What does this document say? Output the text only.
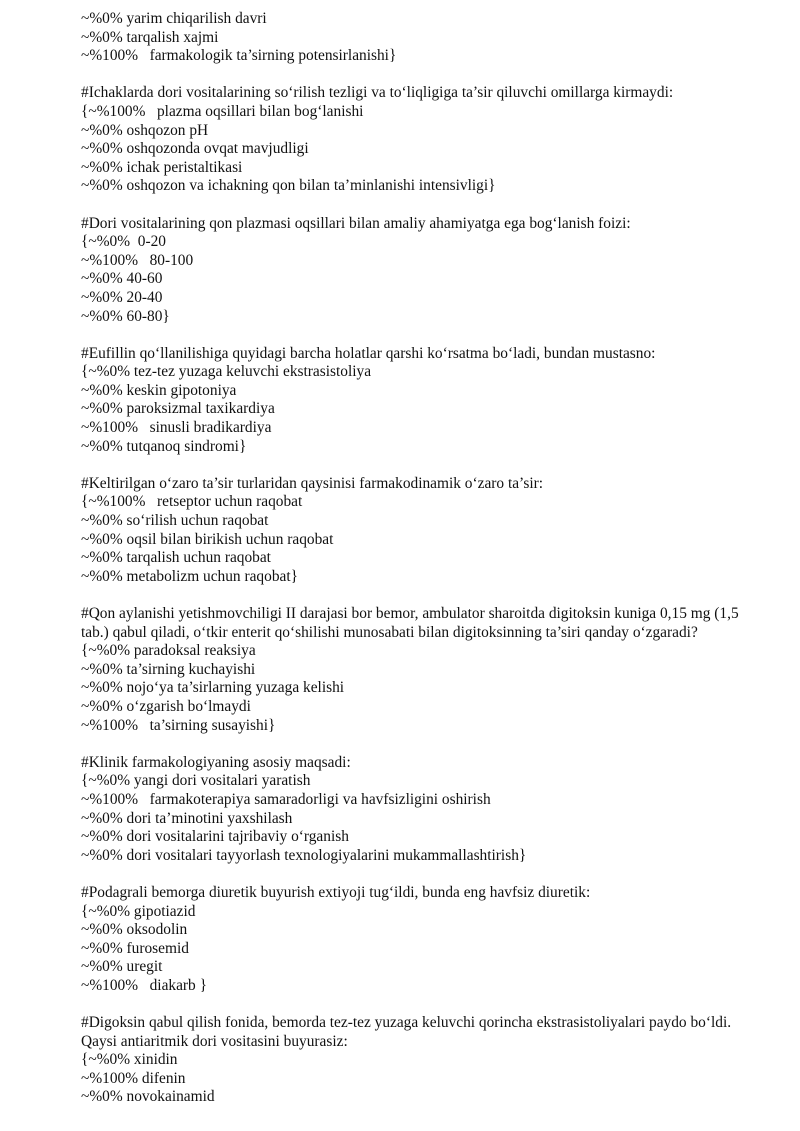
~%0% yarim chiqarilish davri
~%0% tarqalish xajmi
~%100%   farmakologik ta’sirning potensirlanishi}
#Ichaklarda dori vositalarining so‘rilish tezligi va to‘liqligiga ta’sir qiluvchi omillarga kirmaydi:
{~%100%   plazma oqsillari bilan bog‘lanishi
~%0% oshqozon pH
~%0% oshqozonda ovqat mavjudligi
~%0% ichak peristaltikasi
~%0% oshqozon va ichakning qon bilan ta’minlanishi intensivligi}
#Dori vositalarining qon plazmasi oqsillari bilan amaliy ahamiyatga ega bog‘lanish foizi:
{~%0%  0-20
~%100%   80-100
~%0% 40-60
~%0% 20-40
~%0% 60-80}
#Eufillin qo‘llanilishiga quyidagi barcha holatlar qarshi ko‘rsatma bo‘ladi, bundan mustasno:
{~%0% tez-tez yuzaga keluvchi ekstrasistoliya
~%0% keskin gipotoniya
~%0% paroksizmal taxikardiya
~%100%   sinusli bradikardiya
~%0% tutqanoq sindromi}
#Keltirilgan o‘zaro ta’sir turlaridan qaysinisi farmakodinamik o‘zaro ta’sir:
{~%100%   retseptor uchun raqobat
~%0% so‘rilish uchun raqobat
~%0% oqsil bilan birikish uchun raqobat
~%0% tarqalish uchun raqobat
~%0% metabolizm uchun raqobat}
#Qon aylanishi yetishmovchiligi II darajasi bor bemor, ambulator sharoitda digitoksin kuniga 0,15 mg (1,5 tab.) qabul qiladi, o‘tkir enterit qo‘shilishi munosabati bilan digitoksinning ta’siri qanday o‘zgaradi?
{~%0% paradoksal reaksiya
~%0% ta’sirning kuchayishi
~%0% nojo‘ya ta’sirlarning yuzaga kelishi
~%0% o‘zgarish bo‘lmaydi
~%100%   ta’sirning susayishi}
#Klinik farmakologiyaning asosiy maqsadi:
{~%0% yangi dori vositalari yaratish
~%100%   farmakoterapiya samaradorligi va havfsizligini oshirish
~%0% dori ta’minotini yaxshilash
~%0% dori vositalarini tajribaviy o‘rganish
~%0% dori vositalari tayyorlash texnologiyalarini mukammallashtirish}
#Podagrali bemorga diuretik buyurish extiyoji tug‘ildi, bunda eng havfsiz diuretik:
{~%0% gipotiazid
~%0% oksodolin
~%0% furosemid
~%0% uregit
~%100%   diakarb }
#Digoksin qabul qilish fonida, bemorda tez-tez yuzaga keluvchi qorincha ekstrasistoliyalari paydo bo‘ldi. Qaysi antiaritmik dori vositasini buyurasiz:
{~%0% xinidin
~%100% difenin
~%0% novokainamid
